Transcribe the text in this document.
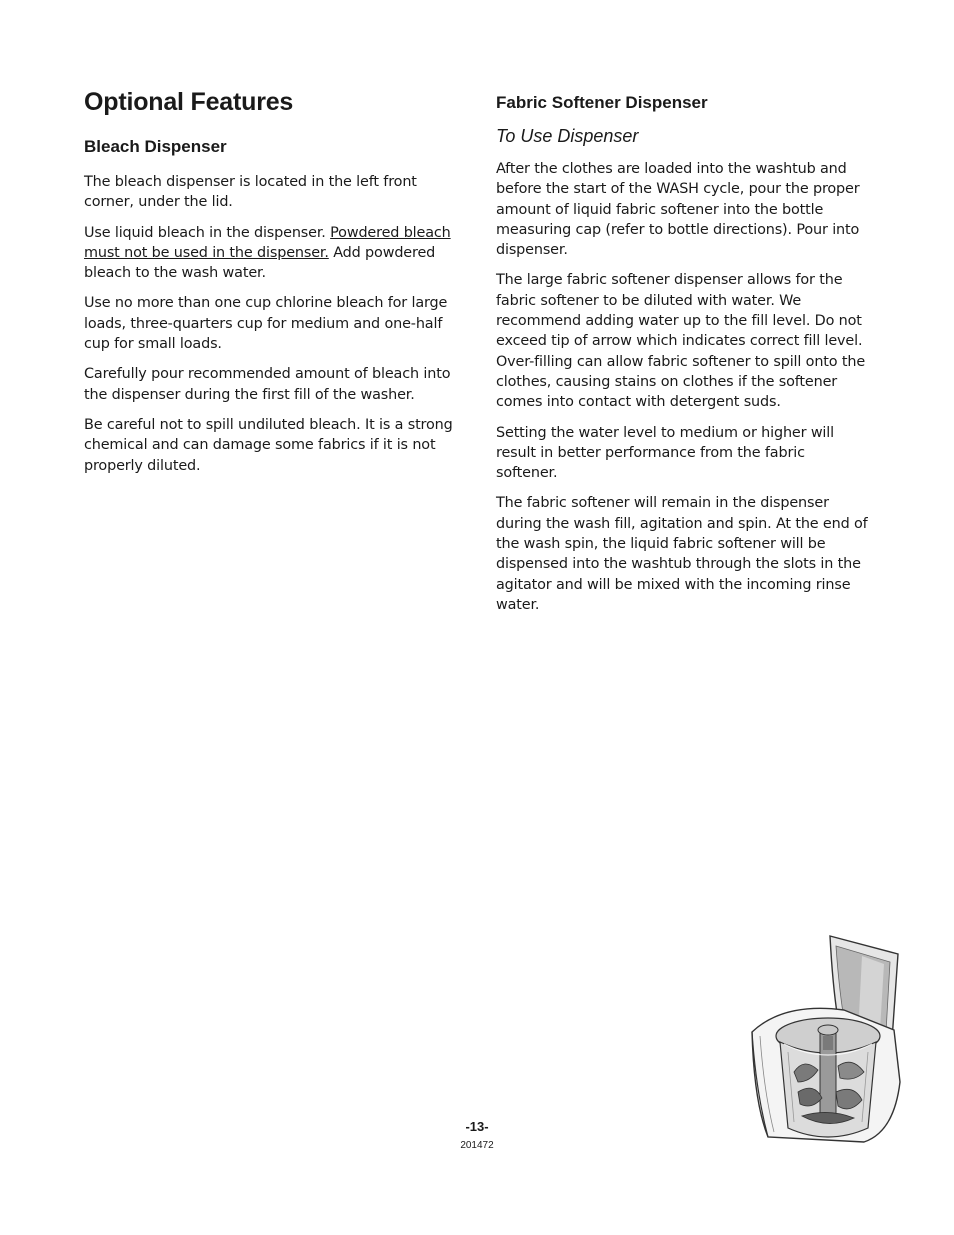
Optional Features
Bleach Dispenser

The bleach dispenser is located in the left front corner, under the lid.

Use liquid bleach in the dispenser. Powdered bleach must not be used in the dispenser. Add powdered bleach to the wash water.

Use no more than one cup chlorine bleach for large loads, three-quarters cup for medium and one-half cup for small loads.

Carefully pour recommended amount of bleach into the dispenser during the first fill of the washer.

Be careful not to spill undiluted bleach. It is a strong chemical and can damage some fabrics if it is not properly diluted.

Fabric Softener Dispenser
To Use Dispenser

After the clothes are loaded into the washtub and before the start of the WASH cycle, pour the proper amount of liquid fabric softener into the bottle measuring cap (refer to bottle directions). Pour into dispenser.

The large fabric softener dispenser allows for the fabric softener to be diluted with water. We recommend adding water up to the fill level. Do not exceed tip of arrow which indicates correct fill level. Over-filling can allow fabric softener to spill onto the clothes, causing stains on clothes if the softener comes into contact with detergent suds.

Setting the water level to medium or higher will result in better performance from the fabric softener.

The fabric softener will remain in the dispenser during the wash fill, agitation and spin. At the end of the wash spin, the liquid fabric softener will be dispensed into the washtub through the slots in the agitator and will be mixed with the incoming rinse water.

-13-
201472
